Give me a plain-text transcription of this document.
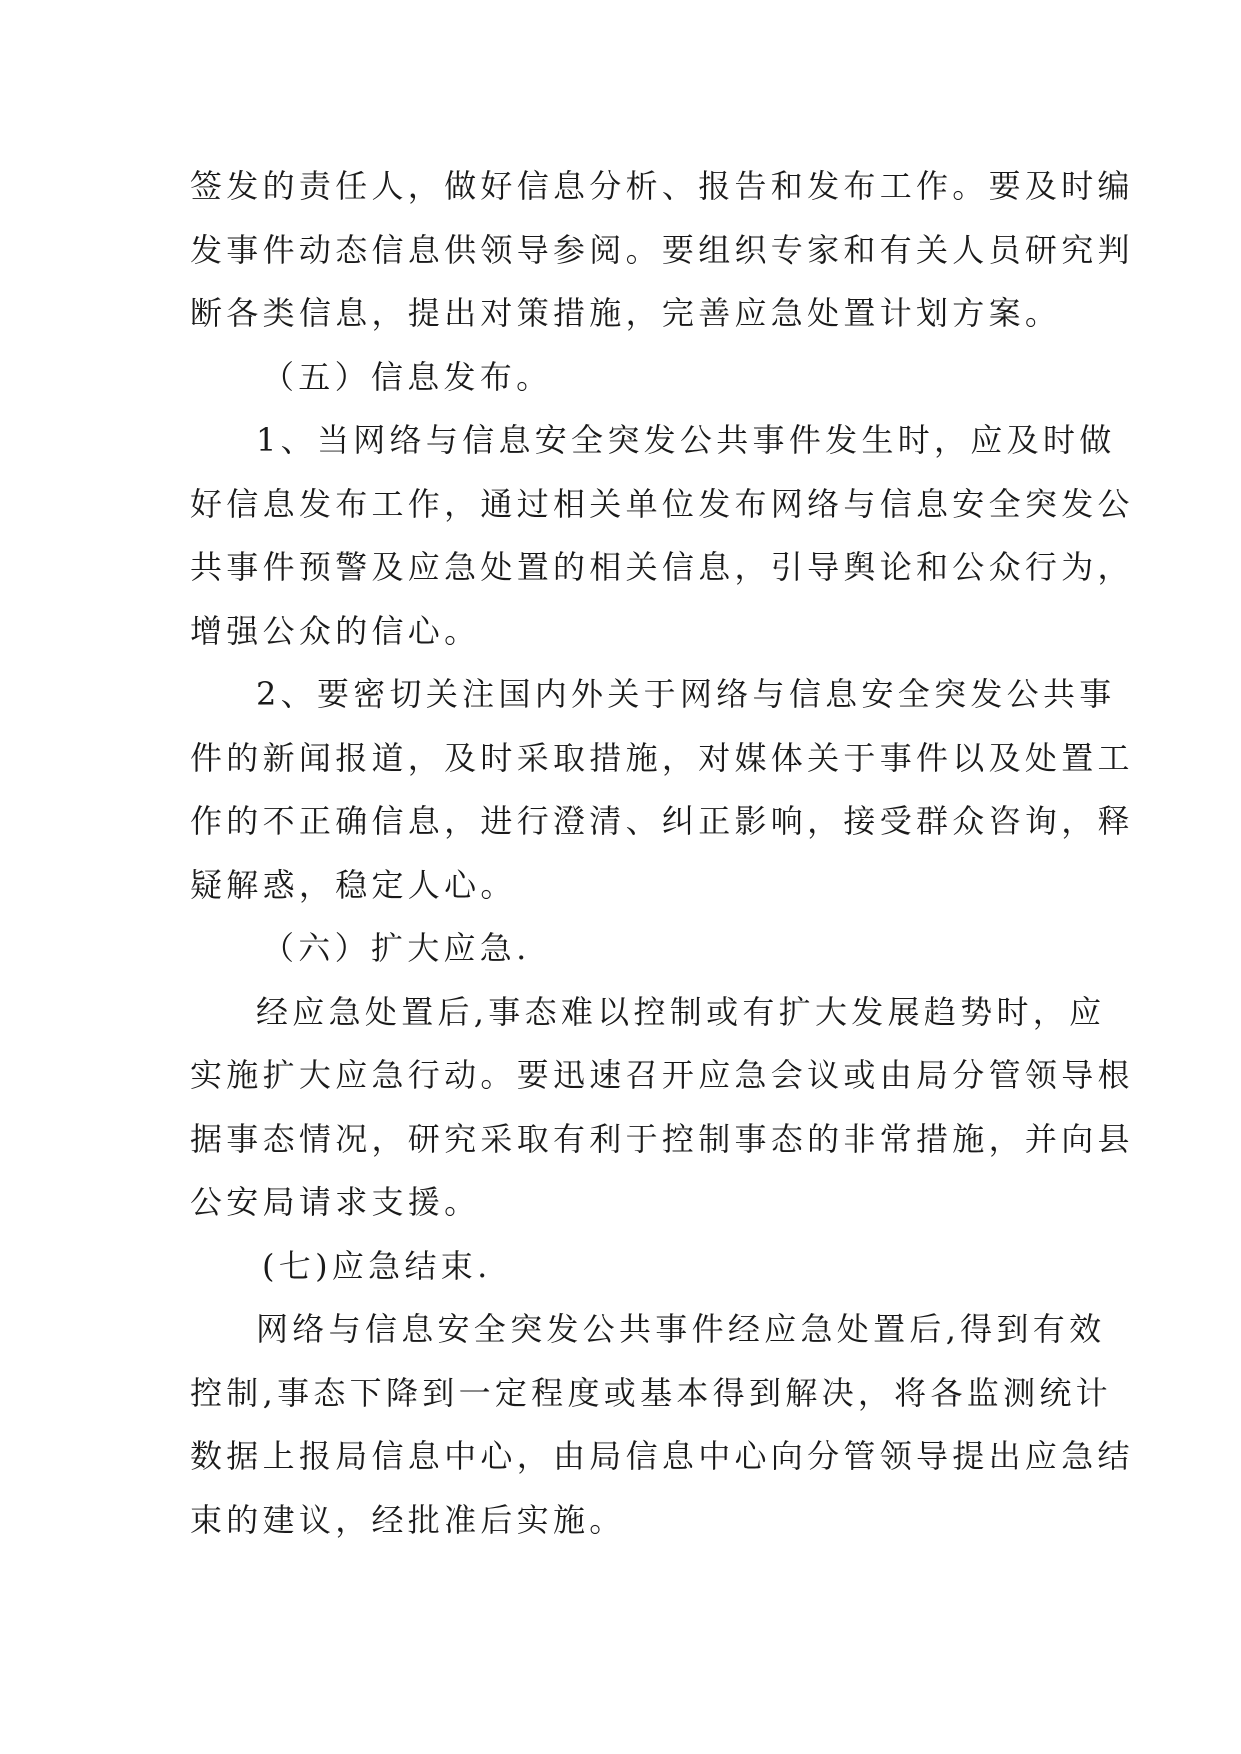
签发的责任人，做好信息分析、报告和发布工作。要及时编
发事件动态信息供领导参阅。要组织专家和有关人员研究判
断各类信息，提出对策措施，完善应急处置计划方案。
（五）信息发布。
1、当网络与信息安全突发公共事件发生时，应及时做
好信息发布工作，通过相关单位发布网络与信息安全突发公
共事件预警及应急处置的相关信息，引导舆论和公众行为，
增强公众的信心。
2、要密切关注国内外关于网络与信息安全突发公共事
件的新闻报道，及时采取措施，对媒体关于事件以及处置工
作的不正确信息，进行澄清、纠正影响，接受群众咨询，释
疑解惑，稳定人心。
（六）扩大应急.
经应急处置后,事态难以控制或有扩大发展趋势时，应
实施扩大应急行动。要迅速召开应急会议或由局分管领导根
据事态情况，研究采取有利于控制事态的非常措施，并向县
公安局请求支援。
(七)应急结束.
网络与信息安全突发公共事件经应急处置后,得到有效
控制,事态下降到一定程度或基本得到解决，将各监测统计
数据上报局信息中心，由局信息中心向分管领导提出应急结
束的建议，经批准后实施。
